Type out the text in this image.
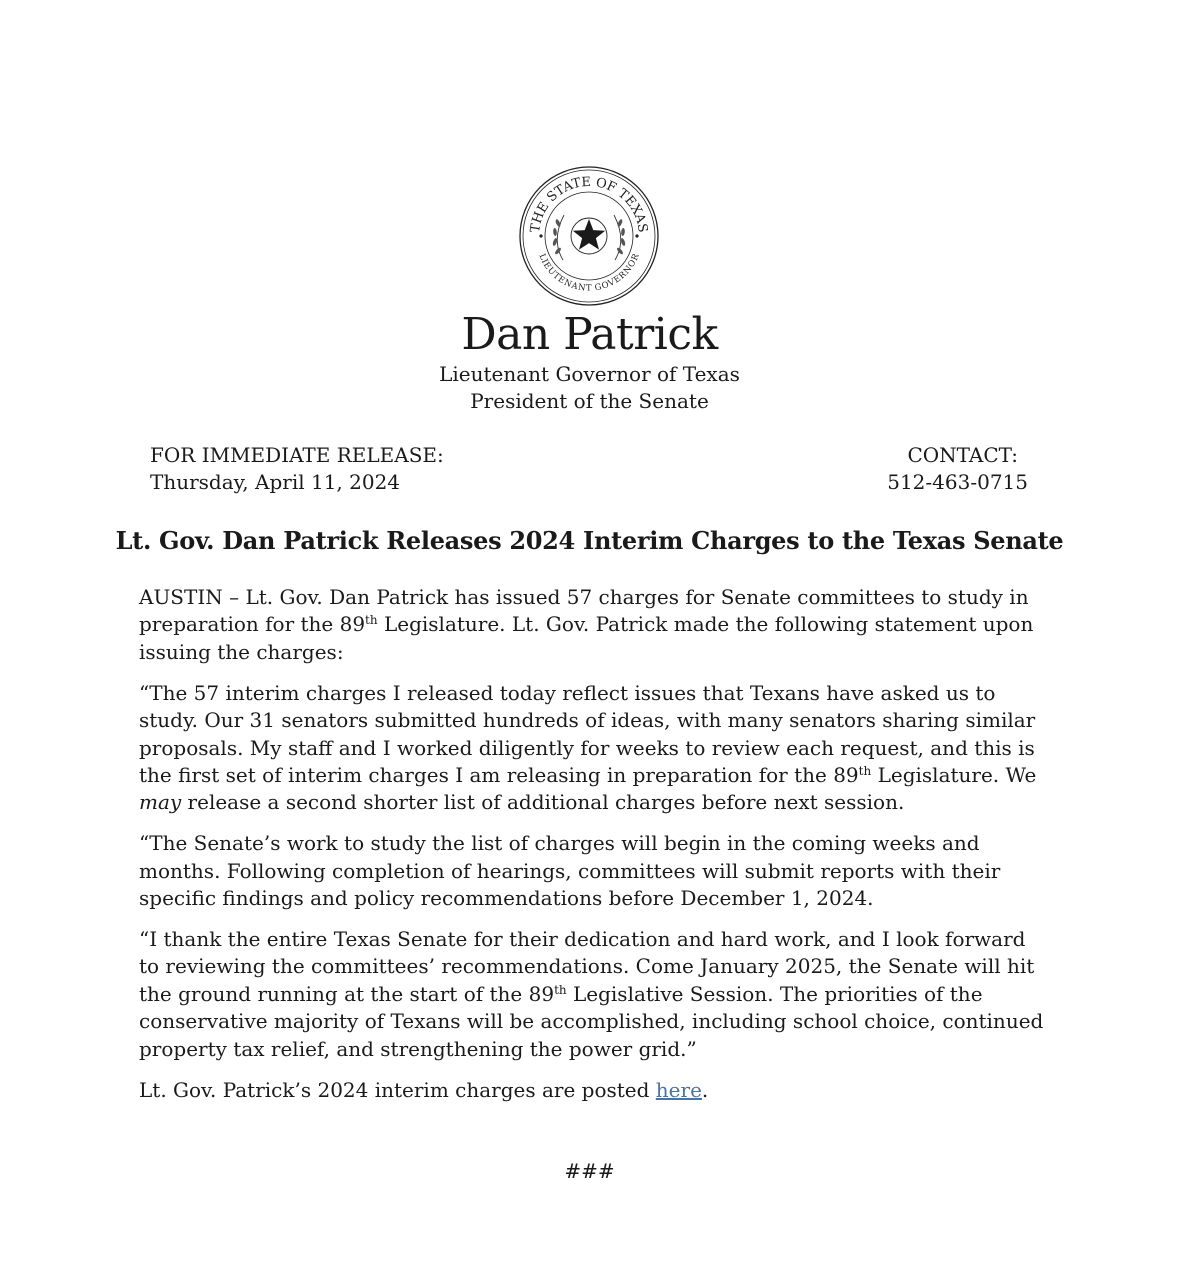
THE STATE OF TEXAS
LIEUTENANT GOVERNOR
Dan Patrick
Lieutenant Governor of Texas
President of the Senate
FOR IMMEDIATE RELEASE:
Thursday, April 11, 2024
CONTACT:
512-463-0715
Lt. Gov. Dan Patrick Releases 2024 Interim Charges to the Texas Senate

AUSTIN – Lt. Gov. Dan Patrick has issued 57 charges for Senate committees to study in preparation for the 89th Legislature. Lt. Gov. Patrick made the following statement upon issuing the charges:

“The 57 interim charges I released today reflect issues that Texans have asked us to study. Our 31 senators submitted hundreds of ideas, with many senators sharing similar proposals. My staff and I worked diligently for weeks to review each request, and this is the first set of interim charges I am releasing in preparation for the 89th Legislature. We may release a second shorter list of additional charges before next session.

“The Senate’s work to study the list of charges will begin in the coming weeks and months. Following completion of hearings, committees will submit reports with their specific findings and policy recommendations before December 1, 2024.

“I thank the entire Texas Senate for their dedication and hard work, and I look forward to reviewing the committees’ recommendations. Come January 2025, the Senate will hit the ground running at the start of the 89th Legislative Session. The priorities of the conservative majority of Texans will be accomplished, including school choice, continued property tax relief, and strengthening the power grid.”

Lt. Gov. Patrick’s 2024 interim charges are posted here.

###
